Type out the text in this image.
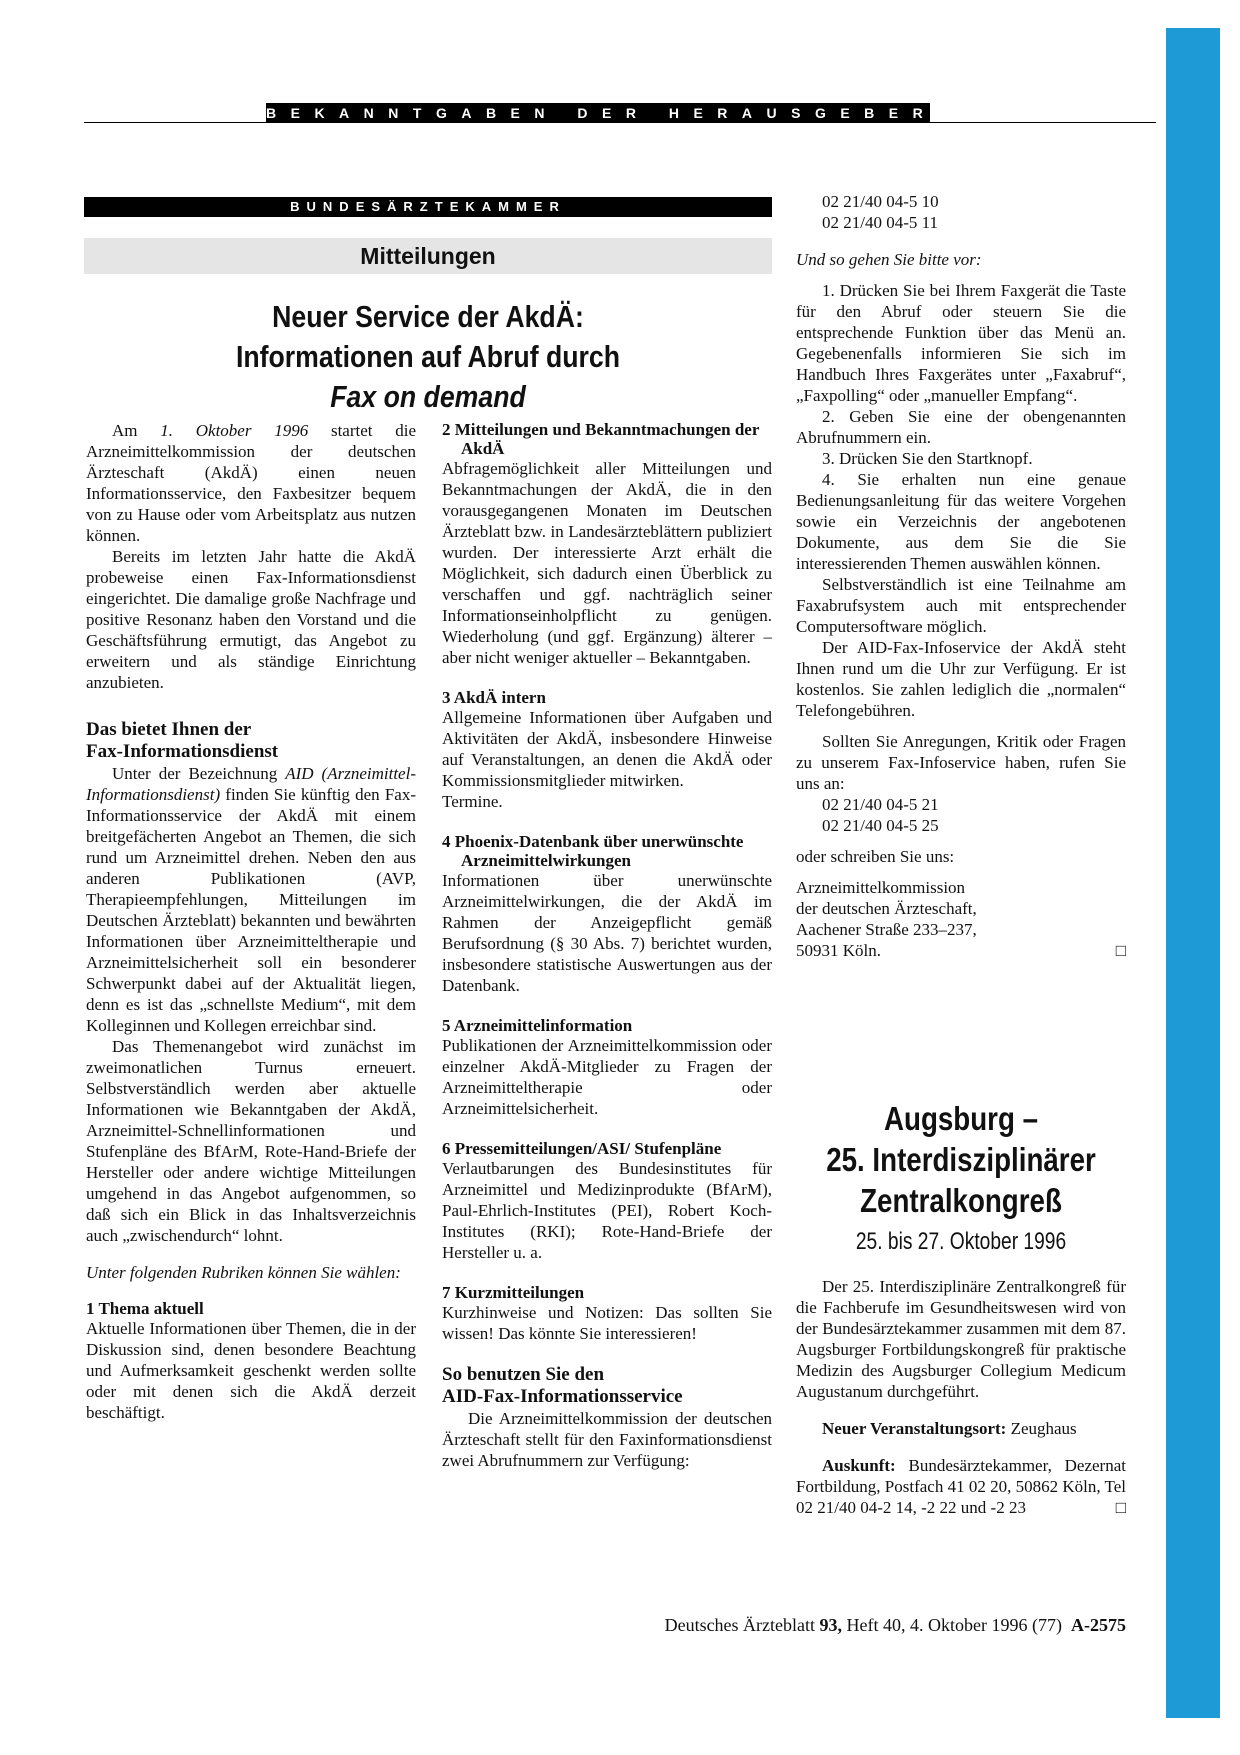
BEKANNTGABEN DER HERAUSGEBER
BUNDESÄRZTEKAMMER
Mitteilungen
Neuer Service der AkdÄ:
Informationen auf Abruf durch
Fax on demand

Am 1. Oktober 1996 startet die Arzneimittelkommission der deutschen Ärzteschaft (AkdÄ) einen neuen Informationsservice, den Faxbesitzer bequem von zu Hause oder vom Arbeitsplatz aus nutzen können.

Bereits im letzten Jahr hatte die AkdÄ probeweise einen Fax-Informationsdienst eingerichtet. Die damalige große Nachfrage und positive Resonanz haben den Vorstand und die Geschäftsführung ermutigt, das Angebot zu erweitern und als ständige Einrichtung anzubieten.

Das bietet Ihnen der
Fax-Informationsdienst

Unter der Bezeichnung AID (Arzneimittel-Informationsdienst) finden Sie künftig den Fax-Informationsservice der AkdÄ mit einem breitgefächerten Angebot an Themen, die sich rund um Arzneimittel drehen. Neben den aus anderen Publikationen (AVP, Therapieempfehlungen, Mitteilungen im Deutschen Ärzteblatt) bekannten und bewährten Informationen über Arzneimitteltherapie und Arzneimittelsicherheit soll ein besonderer Schwerpunkt dabei auf der Aktualität liegen, denn es ist das „schnellste Medium“, mit dem Kolleginnen und Kollegen erreichbar sind.

Das Themenangebot wird zunächst im zweimonatlichen Turnus erneuert. Selbstverständlich werden aber aktuelle Informationen wie Bekanntgaben der AkdÄ, Arzneimittel-Schnellinformationen und Stufenpläne des BfArM, Rote-Hand-Briefe der Hersteller oder andere wichtige Mitteilungen umgehend in das Angebot aufgenommen, so daß sich ein Blick in das Inhaltsverzeichnis auch „zwischendurch“ lohnt.

Unter folgenden Rubriken können Sie wählen:

1 Thema aktuell

Aktuelle Informationen über Themen, die in der Diskussion sind, denen besondere Beachtung und Aufmerksamkeit geschenkt werden sollte oder mit denen sich die AkdÄ derzeit beschäftigt.

2 Mitteilungen und Bekanntmachungen der AkdÄ

Abfragemöglichkeit aller Mitteilungen und Bekanntmachungen der AkdÄ, die in den vorausgegangenen Monaten im Deutschen Ärzteblatt bzw. in Landesärzteblättern publiziert wurden. Der interessierte Arzt erhält die Möglichkeit, sich dadurch einen Überblick zu verschaffen und ggf. nachträglich seiner Informationseinholpflicht zu genügen. Wiederholung (und ggf. Ergänzung) älterer – aber nicht weniger aktueller – Bekanntgaben.

3 AkdÄ intern

Allgemeine Informationen über Aufgaben und Aktivitäten der AkdÄ, insbesondere Hinweise auf Veranstaltungen, an denen die AkdÄ oder Kommissionsmitglieder mitwirken.

Termine.

4 Phoenix-Datenbank über unerwünschte Arzneimittelwirkungen

Informationen über unerwünschte Arzneimittelwirkungen, die der AkdÄ im Rahmen der Anzeigepflicht gemäß Berufsordnung (§ 30 Abs. 7) berichtet wurden, insbesondere statistische Auswertungen aus der Datenbank.

5 Arzneimittelinformation

Publikationen der Arzneimittelkommission oder einzelner AkdÄ-Mitglieder zu Fragen der Arzneimitteltherapie oder Arzneimittelsicherheit.

6 Pressemitteilungen/ASI/ Stufenpläne

Verlautbarungen des Bundesinstitutes für Arzneimittel und Medizinprodukte (BfArM), Paul-Ehrlich-Institutes (PEI), Robert Koch-Institutes (RKI); Rote-Hand-Briefe der Hersteller u. a.

7 Kurzmitteilungen

Kurzhinweise und Notizen: Das sollten Sie wissen! Das könnte Sie interessieren!

So benutzen Sie den
AID-Fax-Informationsservice

Die Arzneimittelkommission der deutschen Ärzteschaft stellt für den Faxinformationsdienst zwei Abrufnummern zur Verfügung:

02 21/40 04-5 10

02 21/40 04-5 11

Und so gehen Sie bitte vor:

1. Drücken Sie bei Ihrem Faxgerät die Taste für den Abruf oder steuern Sie die entsprechende Funktion über das Menü an. Gegebenenfalls informieren Sie sich im Handbuch Ihres Faxgerätes unter „Faxabruf“, „Faxpolling“ oder „manueller Empfang“.

2. Geben Sie eine der obengenannten Abrufnummern ein.

3. Drücken Sie den Startknopf.

4. Sie erhalten nun eine genaue Bedienungsanleitung für das weitere Vorgehen sowie ein Verzeichnis der angebotenen Dokumente, aus dem Sie die Sie interessierenden Themen auswählen können.

Selbstverständlich ist eine Teilnahme am Faxabrufsystem auch mit entsprechender Computersoftware möglich.

Der AID-Fax-Infoservice der AkdÄ steht Ihnen rund um die Uhr zur Verfügung. Er ist kostenlos. Sie zahlen lediglich die „normalen“ Telefongebühren.

Sollten Sie Anregungen, Kritik oder Fragen zu unserem Fax-Infoservice haben, rufen Sie uns an:

02 21/40 04-5 21

02 21/40 04-5 25

oder schreiben Sie uns:

Arzneimittelkommission

der deutschen Ärzteschaft,

Aachener Straße 233–237,

50931 Köln.	□

Augsburg –
25. Interdisziplinärer
Zentralkongreß
25. bis 27. Oktober 1996

Der 25. Interdisziplinäre Zentralkongreß für die Fachberufe im Gesundheitswesen wird von der Bundesärztekammer zusammen mit dem 87. Augsburger Fortbildungskongreß für praktische Medizin des Augsburger Collegium Medicum Augustanum durchgeführt.

Neuer Veranstaltungsort: Zeughaus

Auskunft: Bundesärztekammer, Dezernat Fortbildung, Postfach 41 02 20, 50862 Köln, Tel 02 21/40 04-2 14, -2 22 und -2 23	□

Deutsches Ärzteblatt 93, Heft 40, 4. Oktober 1996 (77) A-2575
